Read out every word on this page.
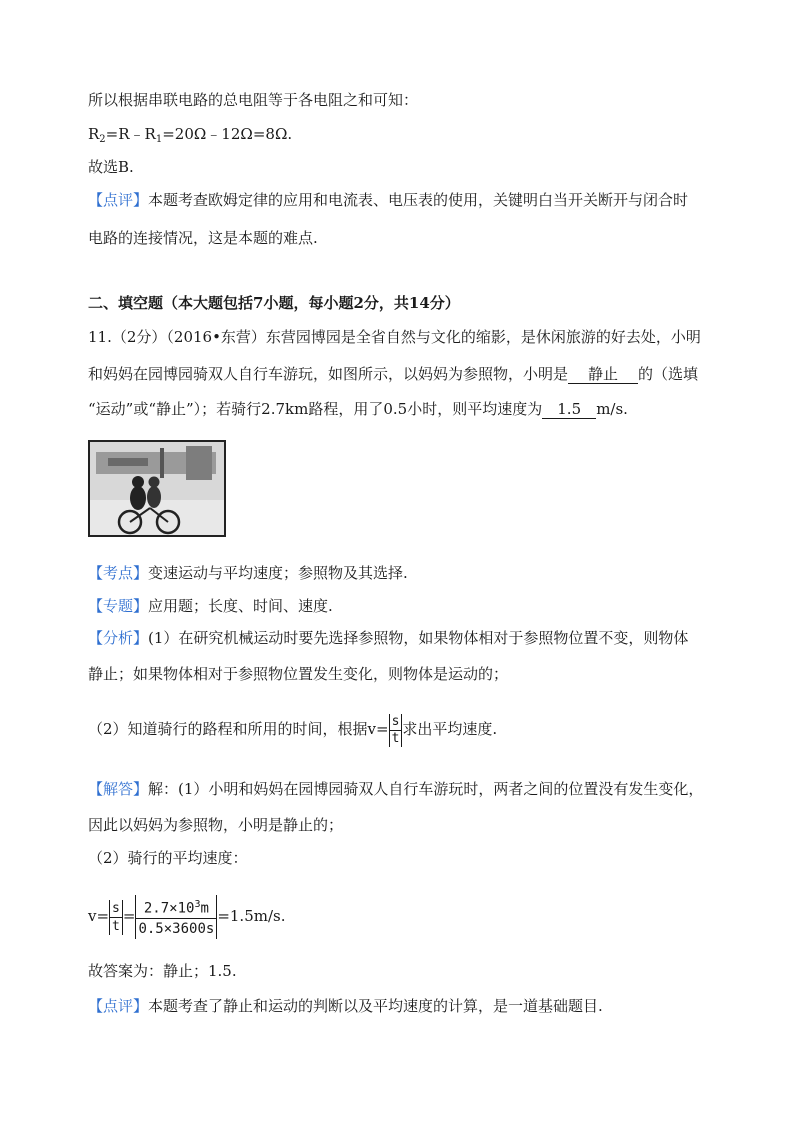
所以根据串联电路的总电阻等于各电阻之和可知：
$R_2=R﹣R_1=20\Omega﹣12\Omega=8\Omega$.
故选B.
【点评】本题考查欧姆定律的应用和电流表、电压表的使用，关键明白当开关断开与闭合时
电路的连接情况，这是本题的难点.
二、填空题（本大题包括7小题，每小题2分，共14分）
11.（2分）（2016•东营）东营园博园是全省自然与文化的缩影，是休闲旅游的好去处，小明
和妈妈在园博园骑双人自行车游玩，如图所示，以妈妈为参照物，小明是 静止 的（选填
“运动”或“静止”）；若骑行2.7km路程，用了0.5小时，则平均速度为 1.5 m/s.
【考点】变速运动与平均速度；参照物及其选择.
【专题】应用题；长度、时间、速度.
【分析】(1）在研究机械运动时要先选择参照物，如果物体相对于参照物位置不变，则物体
静止；如果物体相对于参照物位置发生变化，则物体是运动的；
（2）知道骑行的路程和所用的时间，根据$v= \frac{s}{t}$ 求出平均速度.
【解答】解：(1）小明和妈妈在园博园骑双人自行车游玩时，两者之间的位置没有发生变化，
因此以妈妈为参照物，小明是静止的；
（2）骑行的平均速度：
$v= \frac{s}{t} = \frac{2.7\times 10^3m}{0.5\times 3600s} =1.5m/s$.
故答案为：静止；1.5.
【点评】本题考查了静止和运动的判断以及平均速度的计算，是一道基础题目.
